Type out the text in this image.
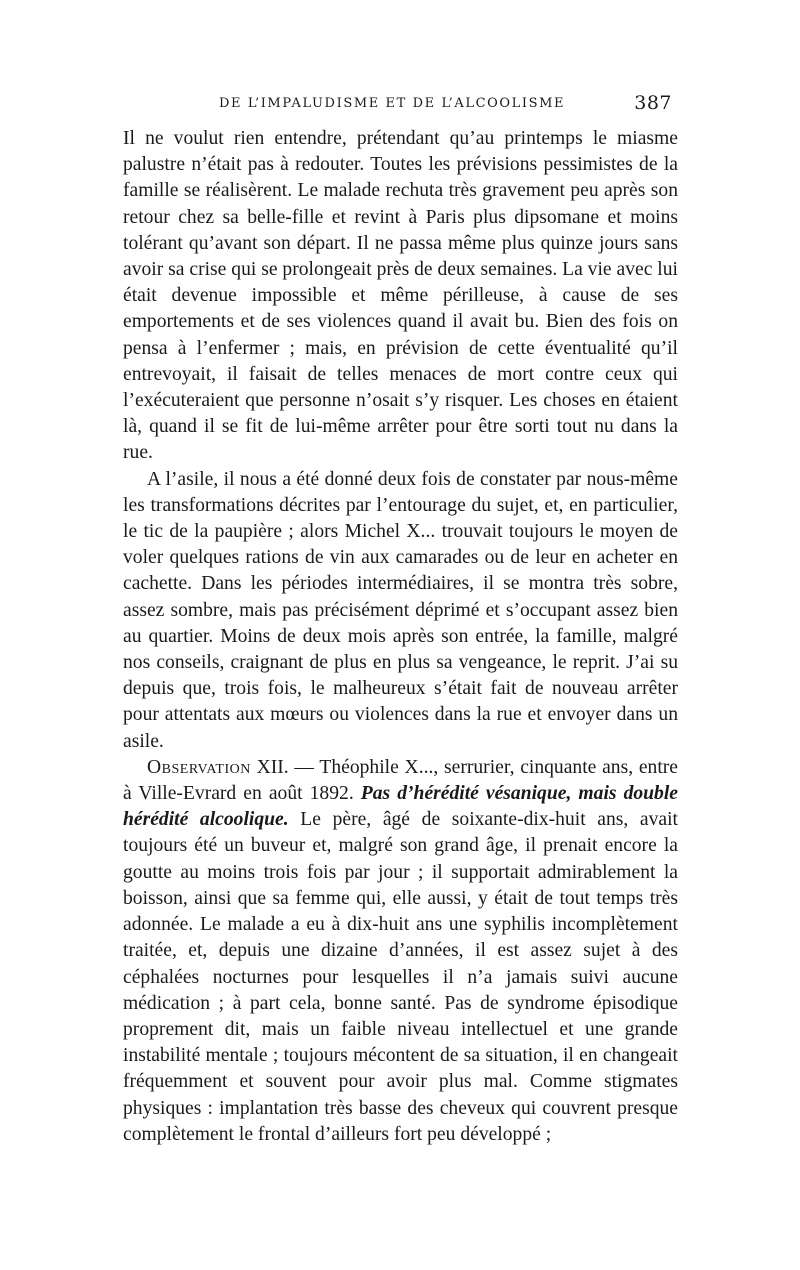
DE L’IMPALUDISME ET DE L’ALCOOLISME	387

Il ne voulut rien entendre, prétendant qu’au printemps le miasme palustre n’était pas à redouter. Toutes les prévisions pessimistes de la famille se réalisèrent. Le malade rechuta très gravement peu après son retour chez sa belle-fille et revint à Paris plus dipsomane et moins tolérant qu’avant son départ. Il ne passa même plus quinze jours sans avoir sa crise qui se prolongeait près de deux semaines. La vie avec lui était devenue impossible et même périlleuse, à cause de ses emportements et de ses violences quand il avait bu. Bien des fois on pensa à l’enfermer ; mais, en prévision de cette éventualité qu’il entrevoyait, il faisait de telles menaces de mort contre ceux qui l’exécuteraient que personne n’osait s’y risquer. Les choses en étaient là, quand il se fit de lui-même arrêter pour être sorti tout nu dans la rue.

A l’asile, il nous a été donné deux fois de constater par nous-même les transformations décrites par l’entourage du sujet, et, en particulier, le tic de la paupière ; alors Michel X... trouvait toujours le moyen de voler quelques rations de vin aux camarades ou de leur en acheter en cachette. Dans les périodes intermédiaires, il se montra très sobre, assez sombre, mais pas précisément déprimé et s’occupant assez bien au quartier. Moins de deux mois après son entrée, la famille, malgré nos conseils, craignant de plus en plus sa vengeance, le reprit. J’ai su depuis que, trois fois, le malheureux s’était fait de nouveau arrêter pour attentats aux mœurs ou violences dans la rue et envoyer dans un asile.

Observation XII. — Théophile X..., serrurier, cinquante ans, entre à Ville-Evrard en août 1892. Pas d’hérédité vésanique, mais double hérédité alcoolique. Le père, âgé de soixante-dix-huit ans, avait toujours été un buveur et, malgré son grand âge, il prenait encore la goutte au moins trois fois par jour ; il supportait admirablement la boisson, ainsi que sa femme qui, elle aussi, y était de tout temps très adonnée. Le malade a eu à dix-huit ans une syphilis incomplètement traitée, et, depuis une dizaine d’années, il est assez sujet à des céphalées nocturnes pour lesquelles il n’a jamais suivi aucune médication ; à part cela, bonne santé. Pas de syndrome épisodique proprement dit, mais un faible niveau intellectuel et une grande instabilité mentale ; toujours mécontent de sa situation, il en changeait fréquemment et souvent pour avoir plus mal. Comme stigmates physiques : implantation très basse des cheveux qui couvrent presque complètement le frontal d’ailleurs fort peu développé ;
